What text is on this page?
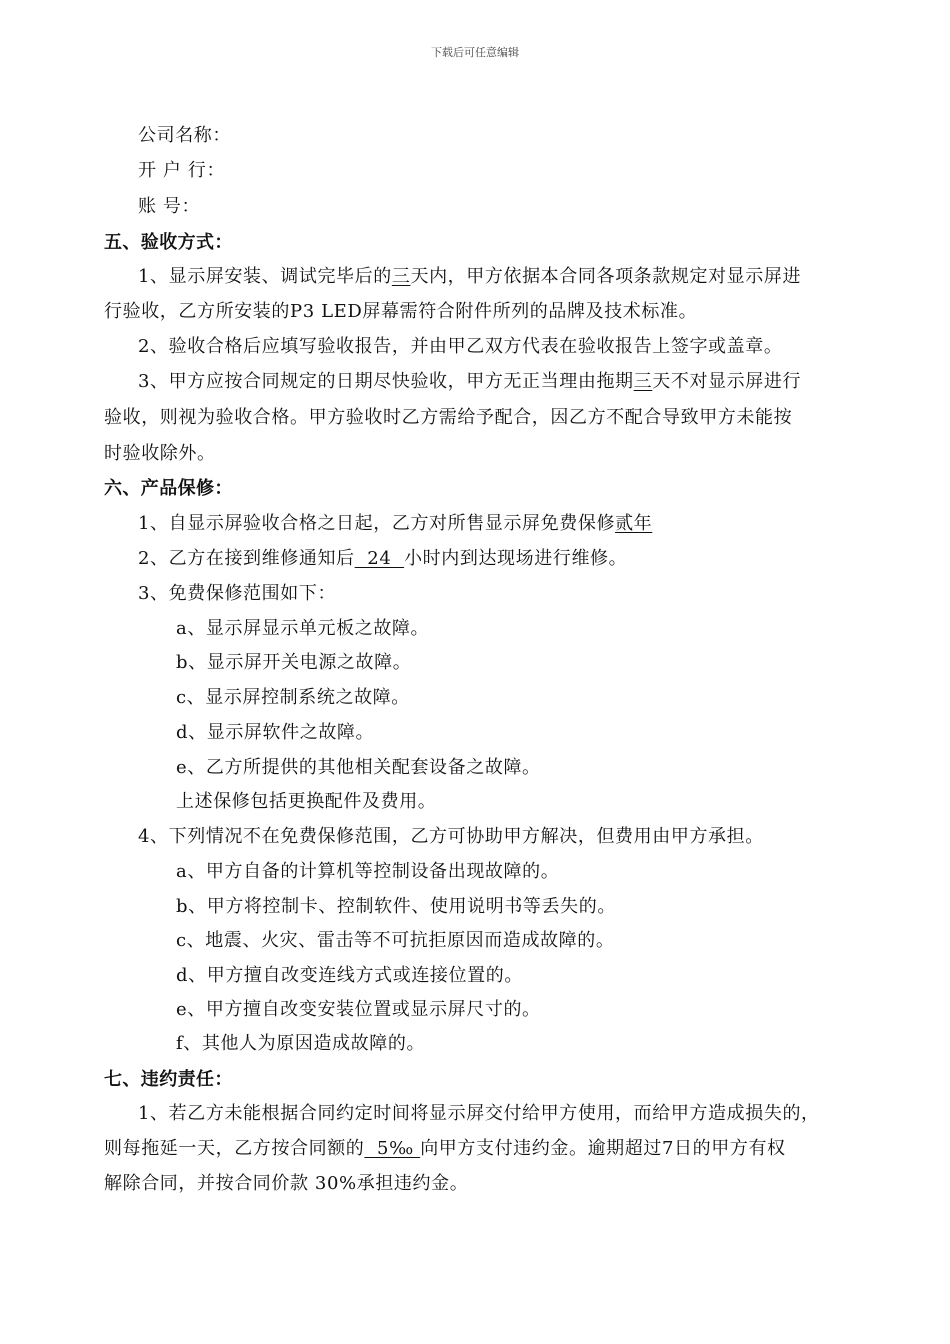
下载后可任意编辑
公司名称：
开 户 行：
账 号：
五、验收方式：
1、显示屏安装、调试完毕后的三天内，甲方依据本合同各项条款规定对显示屏进
行验收，乙方所安装的P3 LED屏幕需符合附件所列的品牌及技术标准。
2、验收合格后应填写验收报告，并由甲乙双方代表在验收报告上签字或盖章。
3、甲方应按合同规定的日期尽快验收，甲方无正当理由拖期三天不对显示屏进行
验收，则视为验收合格。甲方验收时乙方需给予配合，因乙方不配合导致甲方未能按
时验收除外。
六、产品保修：
1、自显示屏验收合格之日起，乙方对所售显示屏免费保修贰年
2、乙方在接到维修通知后  24  小时内到达现场进行维修。
3、免费保修范围如下：
a、显示屏显示单元板之故障。
b、显示屏开关电源之故障。
c、显示屏控制系统之故障。
d、显示屏软件之故障。
e、乙方所提供的其他相关配套设备之故障。
上述保修包括更换配件及费用。
4、下列情况不在免费保修范围，乙方可协助甲方解决，但费用由甲方承担。
a、甲方自备的计算机等控制设备出现故障的。
b、甲方将控制卡、控制软件、使用说明书等丢失的。
c、地震、火灾、雷击等不可抗拒原因而造成故障的。
d、甲方擅自改变连线方式或连接位置的。
e、甲方擅自改变安装位置或显示屏尺寸的。
f、其他人为原因造成故障的。
七、违约责任：
1、若乙方未能根据合同约定时间将显示屏交付给甲方使用，而给甲方造成损失的，
则每拖延一天，乙方按合同额的  5‰ 向甲方支付违约金。逾期超过7日的甲方有权
解除合同，并按合同价款 30%承担违约金。
